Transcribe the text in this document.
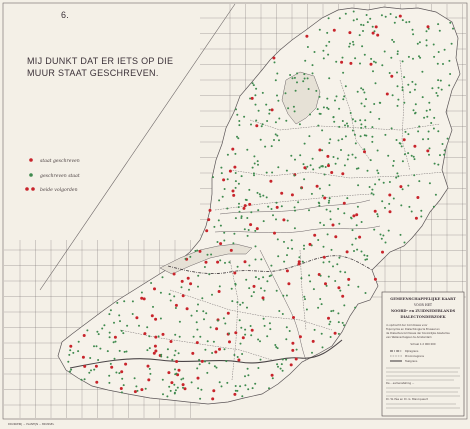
6.
MIJ DUNKT DAT ER IETS OP DIE
MUUR STAAT GESCHREVEN.
staat geschreven
geschreven staat
beide volgorden
GEMEENSCHAPPELIJKE KAART
VOOR HET
NOORD- en ZUIDNEDERLANDS
DIALECTONDERZOEK
in opdracht der Commissie voor
Toponymie en Dialectologie te Brussel en
de Dialectencommissie der Koninklijke Akademie
van Wetenschappen te Amsterdam
Schaal 1:2 000 000
Rijksgrens
Provinciegrens
Taalgrens
De ...samenstelling ...
Dr. W. Pée en Dr. G. Blancquaert
DRUKKERIJ ... PLANTIJN ... BRUSSEL
